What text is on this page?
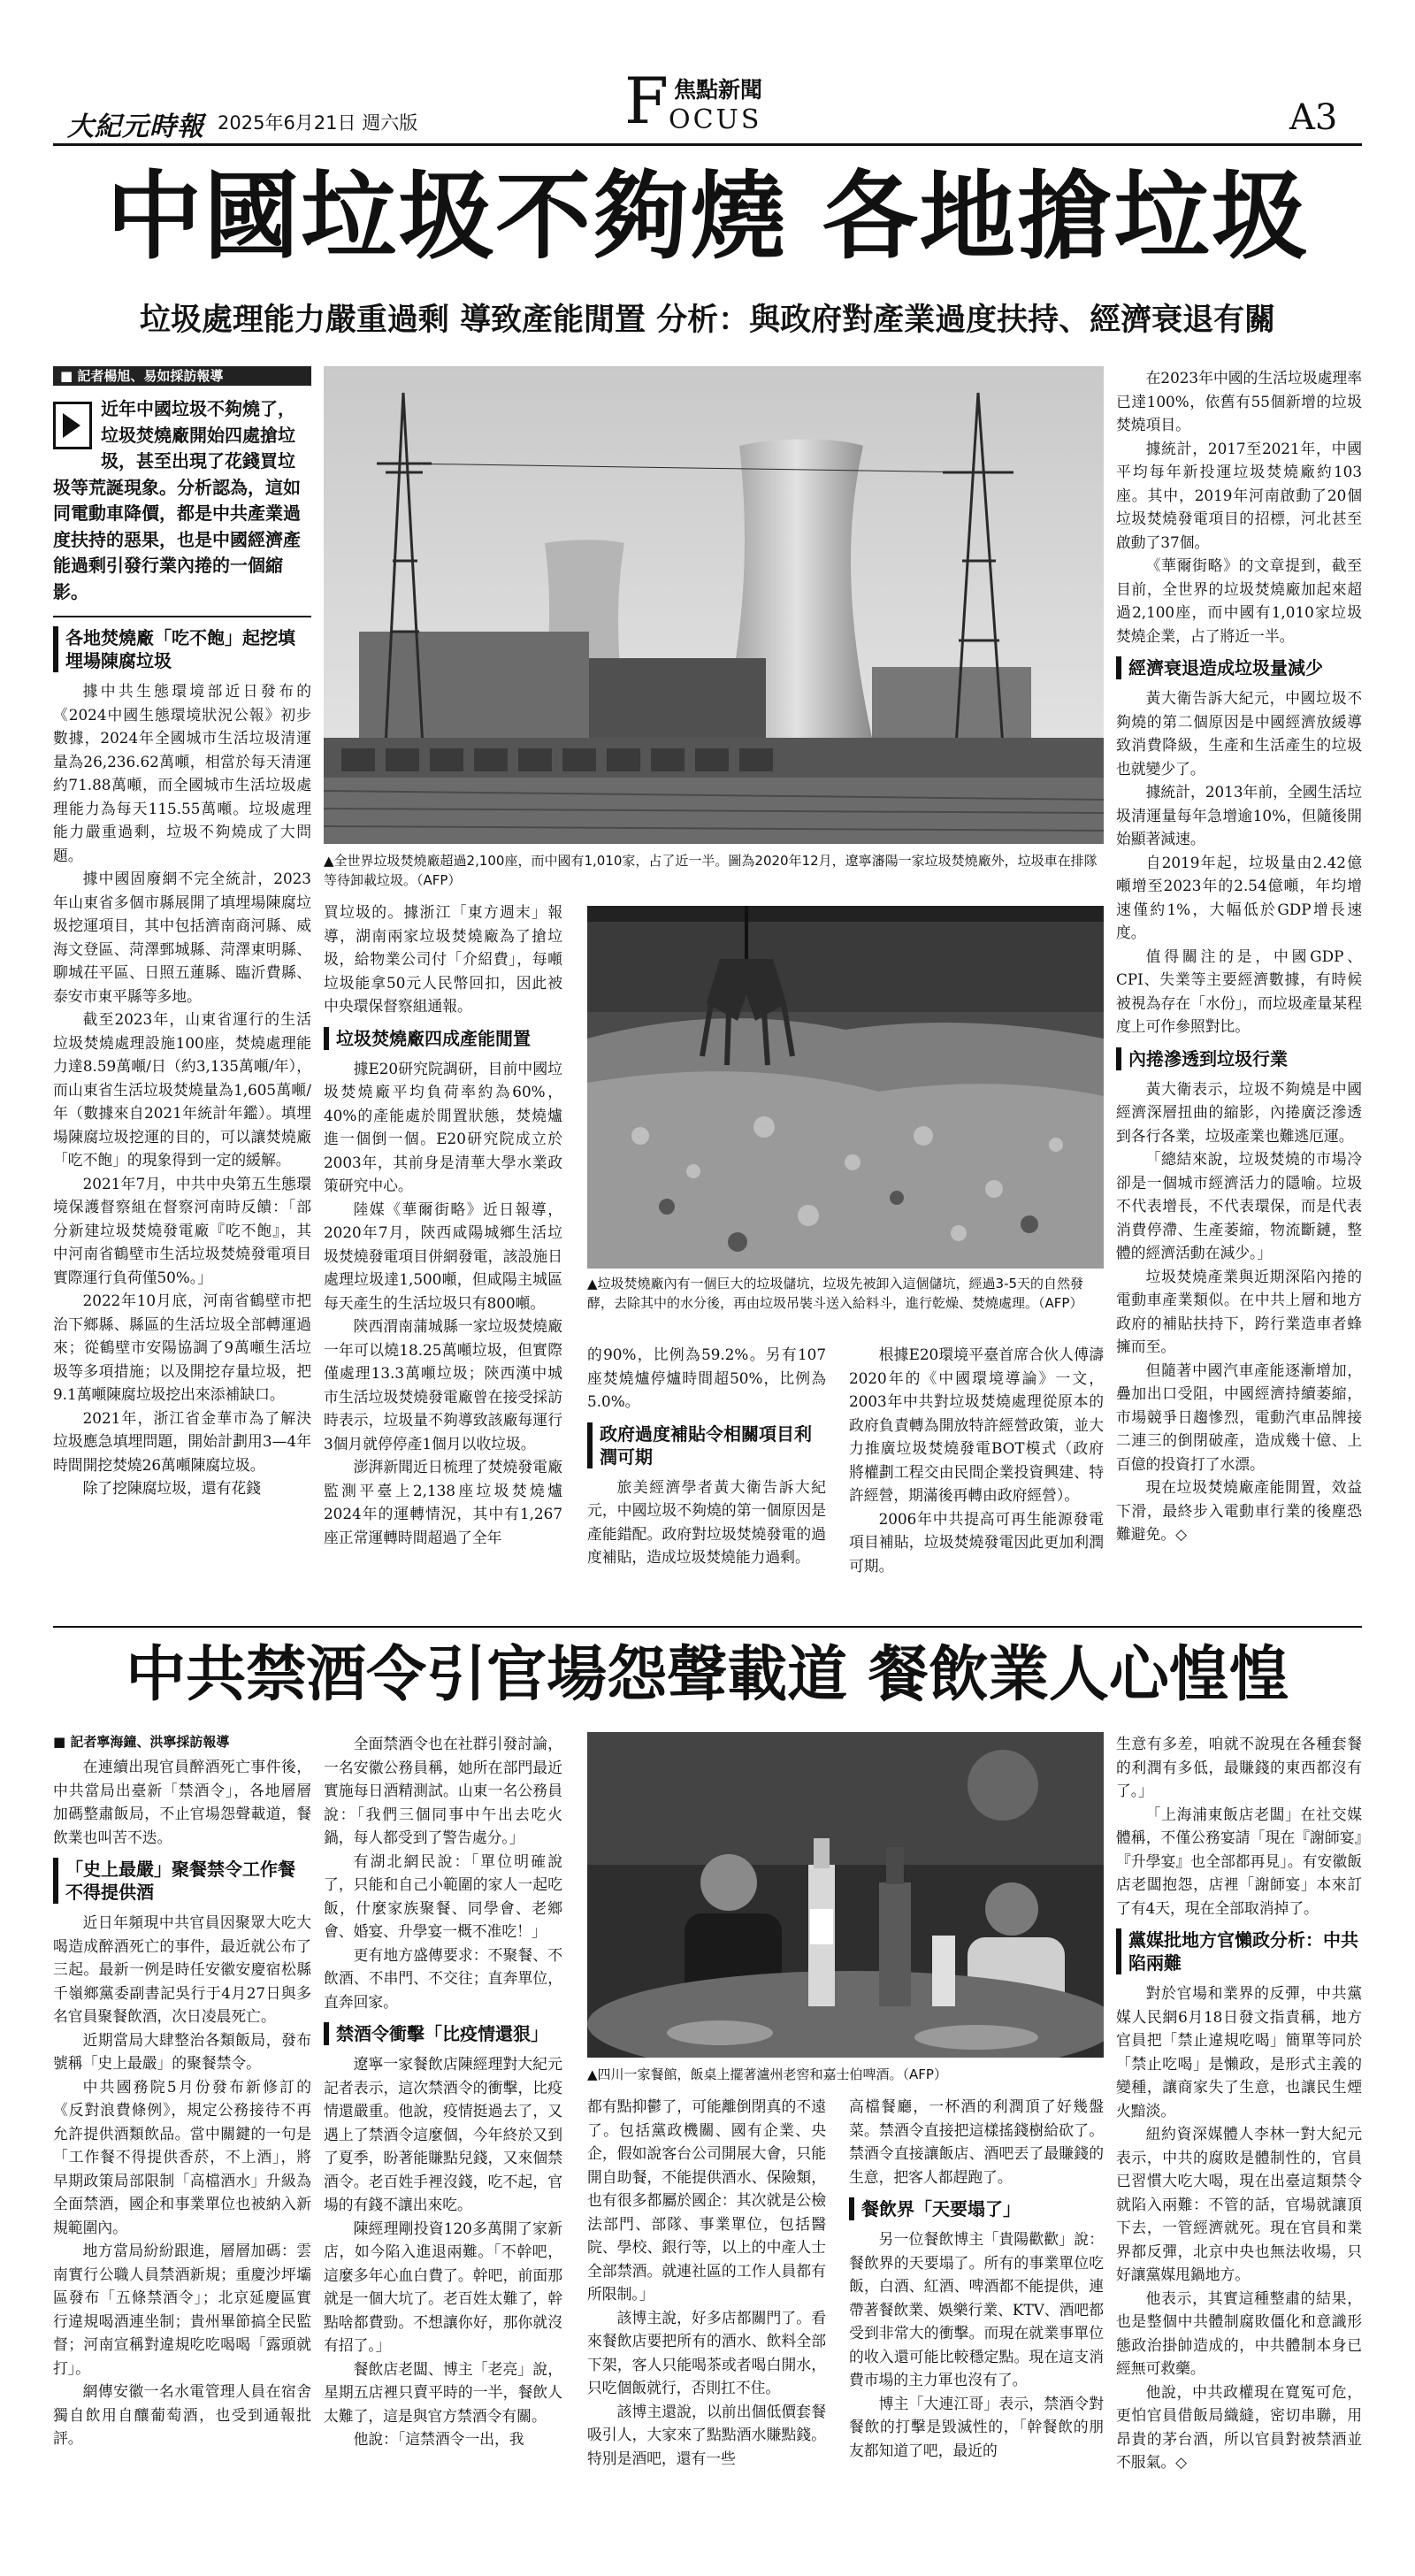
大紀元時報 2025年6月21日 週六版	F 焦點新聞
OCUS	A3
中國垃圾不夠燒 各地搶垃圾
垃圾處理能力嚴重過剩 導致產能閒置 分析：與政府對產業過度扶持、經濟衰退有關
■ 記者楊旭、易如採訪報導
近年中國垃圾不夠燒了，垃圾焚燒廠開始四處搶垃圾，甚至出現了花錢買垃圾等荒誕現象。分析認為，這如同電動車降價，都是中共產業過度扶持的惡果，也是中國經濟產能過剩引發行業內捲的一個縮影。
各地焚燒廠「吃不飽」起挖填埋場陳腐垃圾

據中共生態環境部近日發布的《2024中國生態環境狀況公報》初步數據，2024年全國城市生活垃圾清運量為26,236.62萬噸，相當於每天清運約71.88萬噸，而全國城市生活垃圾處理能力為每天115.55萬噸。垃圾處理能力嚴重過剩，垃圾不夠燒成了大問題。

據中國固廢網不完全統計，2023年山東省多個市縣展開了填埋場陳腐垃圾挖運項目，其中包括濟南商河縣、威海文登區、菏澤鄄城縣、菏澤東明縣、聊城茌平區、日照五蓮縣、臨沂費縣、泰安市東平縣等多地。

截至2023年，山東省運行的生活垃圾焚燒處理設施100座，焚燒處理能力達8.59萬噸/日（約3,135萬噸/年），而山東省生活垃圾焚燒量為1,605萬噸/年（數據來自2021年統計年鑑）。填埋場陳腐垃圾挖運的目的，可以讓焚燒廠「吃不飽」的現象得到一定的緩解。

2021年7月，中共中央第五生態環境保護督察組在督察河南時反饋：「部分新建垃圾焚燒發電廠『吃不飽』，其中河南省鶴壁市生活垃圾焚燒發電項目實際運行負荷僅50%。」

2022年10月底，河南省鶴壁市把治下鄉縣、縣區的生活垃圾全部轉運過來；從鶴壁市安陽協調了9萬噸生活垃圾等多項措施；以及開挖存量垃圾，把9.1萬噸陳腐垃圾挖出來添補缺口。

2021年，浙江省金華市為了解決垃圾應急填埋問題，開始計劃用3—4年時間開挖焚燒26萬噸陳腐垃圾。

除了挖陳腐垃圾，還有花錢

▲全世界垃圾焚燒廠超過2,100座，而中國有1,010家，占了近一半。圖為2020年12月，遼寧瀋陽一家垃圾焚燒廠外，垃圾車在排隊等待卸載垃圾。（AFP）

買垃圾的。據浙江「東方週末」報導，湖南兩家垃圾焚燒廠為了搶垃圾，給物業公司付「介紹費」，每噸垃圾能拿50元人民幣回扣，因此被中央環保督察組通報。

垃圾焚燒廠四成產能閒置

據E20研究院調研，目前中國垃圾焚燒廠平均負荷率約為60%，40%的產能處於閒置狀態，焚燒爐進一個倒一個。E20研究院成立於2003年，其前身是清華大學水業政策研究中心。

陸媒《華爾街略》近日報導，2020年7月，陝西咸陽城鄉生活垃圾焚燒發電項目併網發電，該設施日處理垃圾達1,500噸，但咸陽主城區每天產生的生活垃圾只有800噸。

陝西渭南蒲城縣一家垃圾焚燒廠一年可以燒18.25萬噸垃圾，但實際僅處理13.3萬噸垃圾；陝西漢中城市生活垃圾焚燒發電廠曾在接受採訪時表示，垃圾量不夠導致該廠每運行3個月就停停產1個月以收垃圾。

澎湃新聞近日梳理了焚燒發電廠監測平臺上2,138座垃圾焚燒爐2024年的運轉情況，其中有1,267座正常運轉時間超過了全年

▲垃圾焚燒廠內有一個巨大的垃圾儲坑，垃圾先被卸入這個儲坑，經過3-5天的自然發酵，去除其中的水分後，再由垃圾吊裝斗送入給料斗，進行乾燥、焚燒處理。（AFP）

的90%，比例為59.2%。另有107座焚燒爐停爐時間超50%，比例為5.0%。

政府過度補貼令相關項目利潤可期

旅美經濟學者黃大衛告訴大紀元，中國垃圾不夠燒的第一個原因是產能錯配。政府對垃圾焚燒發電的過度補貼，造成垃圾焚燒能力過剩。

根據E20環境平臺首席合伙人傅濤2020年的《中國環境導論》一文，2003年中共對垃圾焚燒處理從原本的政府負責轉為開放特許經營政策，並大力推廣垃圾焚燒發電BOT模式（政府將權劃工程交由民間企業投資興建、特許經營，期滿後再轉由政府經營）。

2006年中共提高可再生能源發電項目補貼，垃圾焚燒發電因此更加利潤可期。

在2023年中國的生活垃圾處理率已達100%，依舊有55個新增的垃圾焚燒項目。

據統計，2017至2021年，中國平均每年新投運垃圾焚燒廠約103座。其中，2019年河南啟動了20個垃圾焚燒發電項目的招標，河北甚至啟動了37個。

《華爾街略》的文章提到，截至目前，全世界的垃圾焚燒廠加起來超過2,100座，而中國有1,010家垃圾焚燒企業，占了將近一半。

經濟衰退造成垃圾量減少

黃大衛告訴大紀元，中國垃圾不夠燒的第二個原因是中國經濟放緩導致消費降級，生產和生活產生的垃圾也就變少了。

據統計，2013年前，全國生活垃圾清運量每年急增逾10%，但隨後開始顯著減速。

自2019年起，垃圾量由2.42億噸增至2023年的2.54億噸，年均增速僅約1%，大幅低於GDP增長速度。

值得關注的是，中國GDP、CPI、失業等主要經濟數據，有時候被視為存在「水份」，而垃圾產量某程度上可作參照對比。

內捲滲透到垃圾行業

黃大衛表示，垃圾不夠燒是中國經濟深層扭曲的縮影，內捲廣泛滲透到各行各業，垃圾產業也難逃厄運。

「總結來說，垃圾焚燒的市場冷卻是一個城市經濟活力的隱喻。垃圾不代表增長，不代表環保，而是代表消費停滯、生產萎縮，物流斷鏈，整體的經濟活動在減少。」

垃圾焚燒產業與近期深陷內捲的電動車產業類似。在中共上層和地方政府的補貼扶持下，跨行業造車者蜂擁而至。

但隨著中國汽車產能逐漸增加，疊加出口受阻，中國經濟持續萎縮，市場競爭日趨慘烈，電動汽車品牌接二連三的倒閉破產，造成幾十億、上百億的投資打了水漂。

現在垃圾焚燒廠產能閒置，效益下滑，最終步入電動車行業的後塵恐難避免。◇

中共禁酒令引官場怨聲載道 餐飲業人心惶惶
■ 記者寧海鐘、洪寧採訪報導

在連續出現官員醉酒死亡事件後，中共當局出臺新「禁酒令」，各地層層加碼整肅飯局，不止官場怨聲載道，餐飲業也叫苦不迭。

「史上最嚴」聚餐禁令工作餐不得提供酒

近日年頻現中共官員因聚眾大吃大喝造成醉酒死亡的事件，最近就公布了三起。最新一例是時任安徽安慶宿松縣千嶺鄉黨委副書記吳行于4月27日與多名官員聚餐飲酒，次日凌晨死亡。

近期當局大肆整治各類飯局，發布號稱「史上最嚴」的聚餐禁令。

中共國務院5月份發布新修訂的《反對浪費條例》，規定公務接待不再允許提供酒類飲品。當中關鍵的一句是「工作餐不得提供香菸，不上酒」，將早期政策局部限制「高檔酒水」升級為全面禁酒，國企和事業單位也被納入新規範圍內。

地方當局紛紛跟進，層層加碼：雲南實行公職人員禁酒新規；重慶沙坪壩區發布「五條禁酒令」；北京延慶區實行違規喝酒連坐制；貴州畢節搞全民監督；河南宣稱對違規吃吃喝喝「露頭就打」。

網傳安徽一名水電管理人員在宿舍獨自飲用自釀葡萄酒，也受到通報批評。

全面禁酒令也在社群引發討論，一名安徽公務員稱，她所在部門最近實施每日酒精測試。山東一名公務員說：「我們三個同事中午出去吃火鍋，每人都受到了警告處分。」

有湖北網民說：「單位明確說了，只能和自己小範圍的家人一起吃飯，什麼家族聚餐、同學會、老鄉會、婚宴、升學宴一概不准吃！」

更有地方盛傳要求：不聚餐、不飲酒、不串門、不交往；直奔單位，直奔回家。

禁酒令衝擊「比疫情還狠」

遼寧一家餐飲店陳經理對大紀元記者表示，這次禁酒令的衝擊，比疫情還嚴重。他說，疫情挺過去了，又遇上了禁酒令這麼個，今年終於又到了夏季，盼著能賺點兒錢，又來個禁酒令。老百姓手裡沒錢，吃不起，官場的有錢不讓出來吃。

陳經理剛投資120多萬開了家新店，如今陷入進退兩難。「不幹吧，這麼多年心血白費了。幹吧，前面那就是一個大坑了。老百姓太難了，幹點啥都費勁。不想讓你好，那你就沒有招了。」

餐飲店老闆、博主「老亮」說，星期五店裡只賣平時的一半，餐飲人太難了，這是與官方禁酒令有關。

他說：「這禁酒令一出，我

▲四川一家餐館，飯桌上擺著瀘州老窖和嘉士伯啤酒。（AFP）

都有點抑鬱了，可能離倒閉真的不遠了。包括黨政機關、國有企業、央企，假如說客台公司開展大會，只能開自助餐，不能提供酒水、保險類，也有很多都屬於國企：其次就是公檢法部門、部隊、事業單位，包括醫院、學校、銀行等，以上的中產人士全部禁酒。就連社區的工作人員都有所限制。」

該博主說，好多店都關門了。看來餐飲店要把所有的酒水、飲料全部下架，客人只能喝茶或者喝白開水，只吃個飯就行，否則扛不住。

該博主還說，以前出個低價套餐吸引人，大家來了點點酒水賺點錢。特別是酒吧，還有一些

高檔餐廳，一杯酒的利潤頂了好幾盤菜。禁酒令直接把這樣搖錢樹給砍了。禁酒令直接讓飯店、酒吧丟了最賺錢的生意，把客人都趕跑了。

餐飲界「天要塌了」

另一位餐飲博主「貴陽歡歡」說：餐飲界的天要塌了。所有的事業單位吃飯，白酒、紅酒、啤酒都不能提供，連帶著餐飲業、娛樂行業、KTV、酒吧都受到非常大的衝擊。而現在就業事單位的收入還可能比較穩定點。現在這支消費市場的主力軍也沒有了。

博主「大連江哥」表示，禁酒令對餐飲的打擊是毀滅性的，「幹餐飲的朋友都知道了吧，最近的

生意有多差，咱就不說現在各種套餐的利潤有多低，最賺錢的東西都沒有了。」

「上海浦東飯店老闆」在社交媒體稱，不僅公務宴請「現在『謝師宴』『升學宴』也全部都再見」。有安徽飯店老闆抱怨，店裡「謝師宴」本來訂了有4天，現在全部取消掉了。

黨媒批地方官懶政分析：中共陷兩難

對於官場和業界的反彈，中共黨媒人民網6月18日發文指責稱，地方官員把「禁止違規吃喝」簡單等同於「禁止吃喝」是懶政，是形式主義的變種，讓商家失了生意，也讓民生煙火黯淡。

紐約資深媒體人李林一對大紀元表示，中共的腐敗是體制性的，官員已習慣大吃大喝，現在出臺這類禁令就陷入兩難：不管的話，官場就讓頂下去，一管經濟就死。現在官員和業界都反彈，北京中央也無法收場，只好讓黨媒甩鍋地方。

他表示，其實這種整肅的結果，也是整個中共體制腐敗僵化和意識形態政治掛帥造成的，中共體制本身已經無可救藥。

他說，中共政權現在寬冤可危，更怕官員借飯局織縫，密切串聯，用昂貴的茅台酒，所以官員對被禁酒並不服氣。◇
